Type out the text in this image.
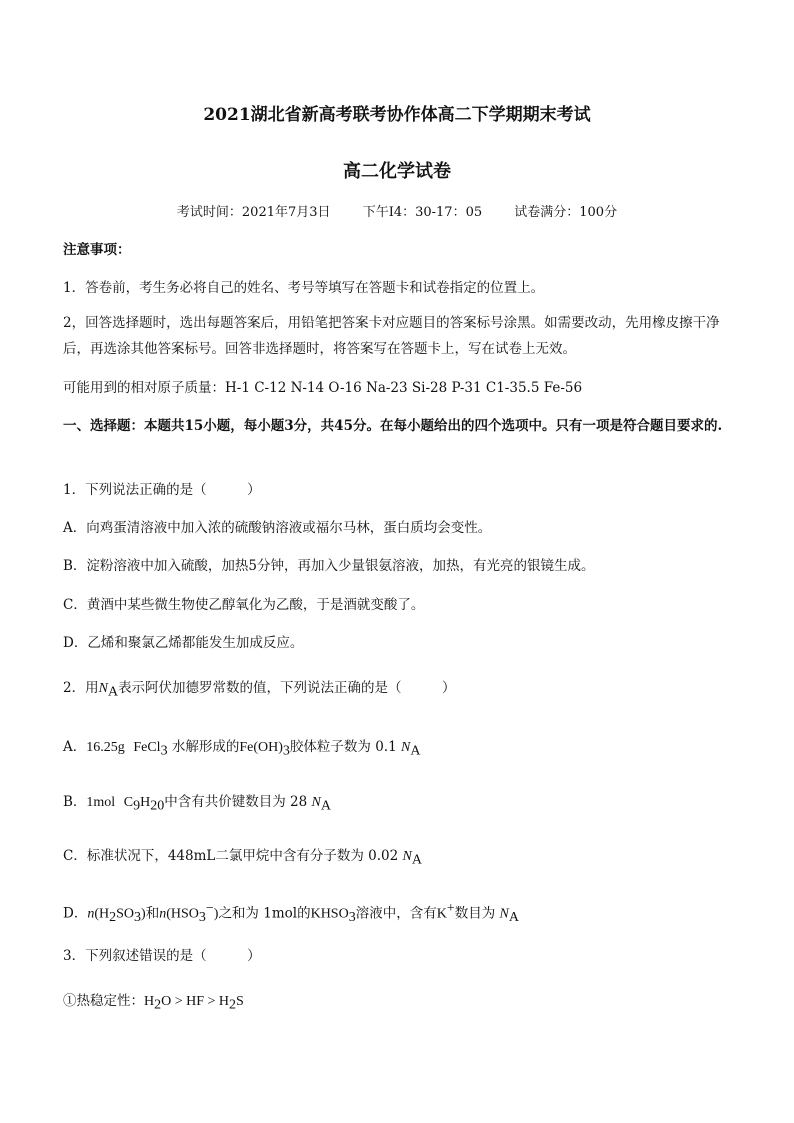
2021湖北省新高考联考协作体高二下学期期末考试
高二化学试卷
考试时间：2021年7月3日 下午I4：30-17：05 试卷满分：100分
注意事项：
1．答卷前，考生务必将自己的姓名、考号等填写在答题卡和试卷指定的位置上。
2，回答选择题时，选出每题答案后，用铅笔把答案卡对应题目的答案标号涂黑。如需要改动，先用橡皮擦干净后，再选涂其他答案标号。回答非选择题时，将答案写在答题卡上，写在试卷上无效。
可能用到的相对原子质量：H-1 C-12 N-14 O-16 Na-23 Si-28 P-31 C1-35.5 Fe-56
一、选择题：本题共15小题，每小题3分，共45分。在每小题给出的四个选项中。只有一项是符合题目要求的.
1．下列说法正确的是（　　　）
A．向鸡蛋清溶液中加入浓的硫酸钠溶液或福尔马林，蛋白质均会变性。
B．淀粉溶液中加入硫酸，加热5分钟，再加入少量银氨溶液，加热，有光亮的银镜生成。
C．黄酒中某些微生物使乙醇氧化为乙酸，于是酒就变酸了。
D．乙烯和聚氯乙烯都能发生加成反应。
2．用$N_A$表示阿伏加德罗常数的值，下列说法正确的是（　　　）
A．16.25g FeCl$_3$ 水解形成的$Fe(OH)_3$胶体粒子数为 0.1 $N_A$
B．1mol $C_9H_{20}$中含有共价键数目为 28 $N_A$
C．标准状况下，448mL二氯甲烷中含有分子数为 0.02 $N_A$
D．$n(H_2SO_3)$和$n(HSO_3^-)$之和为 1mol的$KHSO_3$溶液中，含有K+数目为 $N_A$
3．下列叙述错误的是（　　　）
①热稳定性：$H_2O$ > HF > $H_2S$
